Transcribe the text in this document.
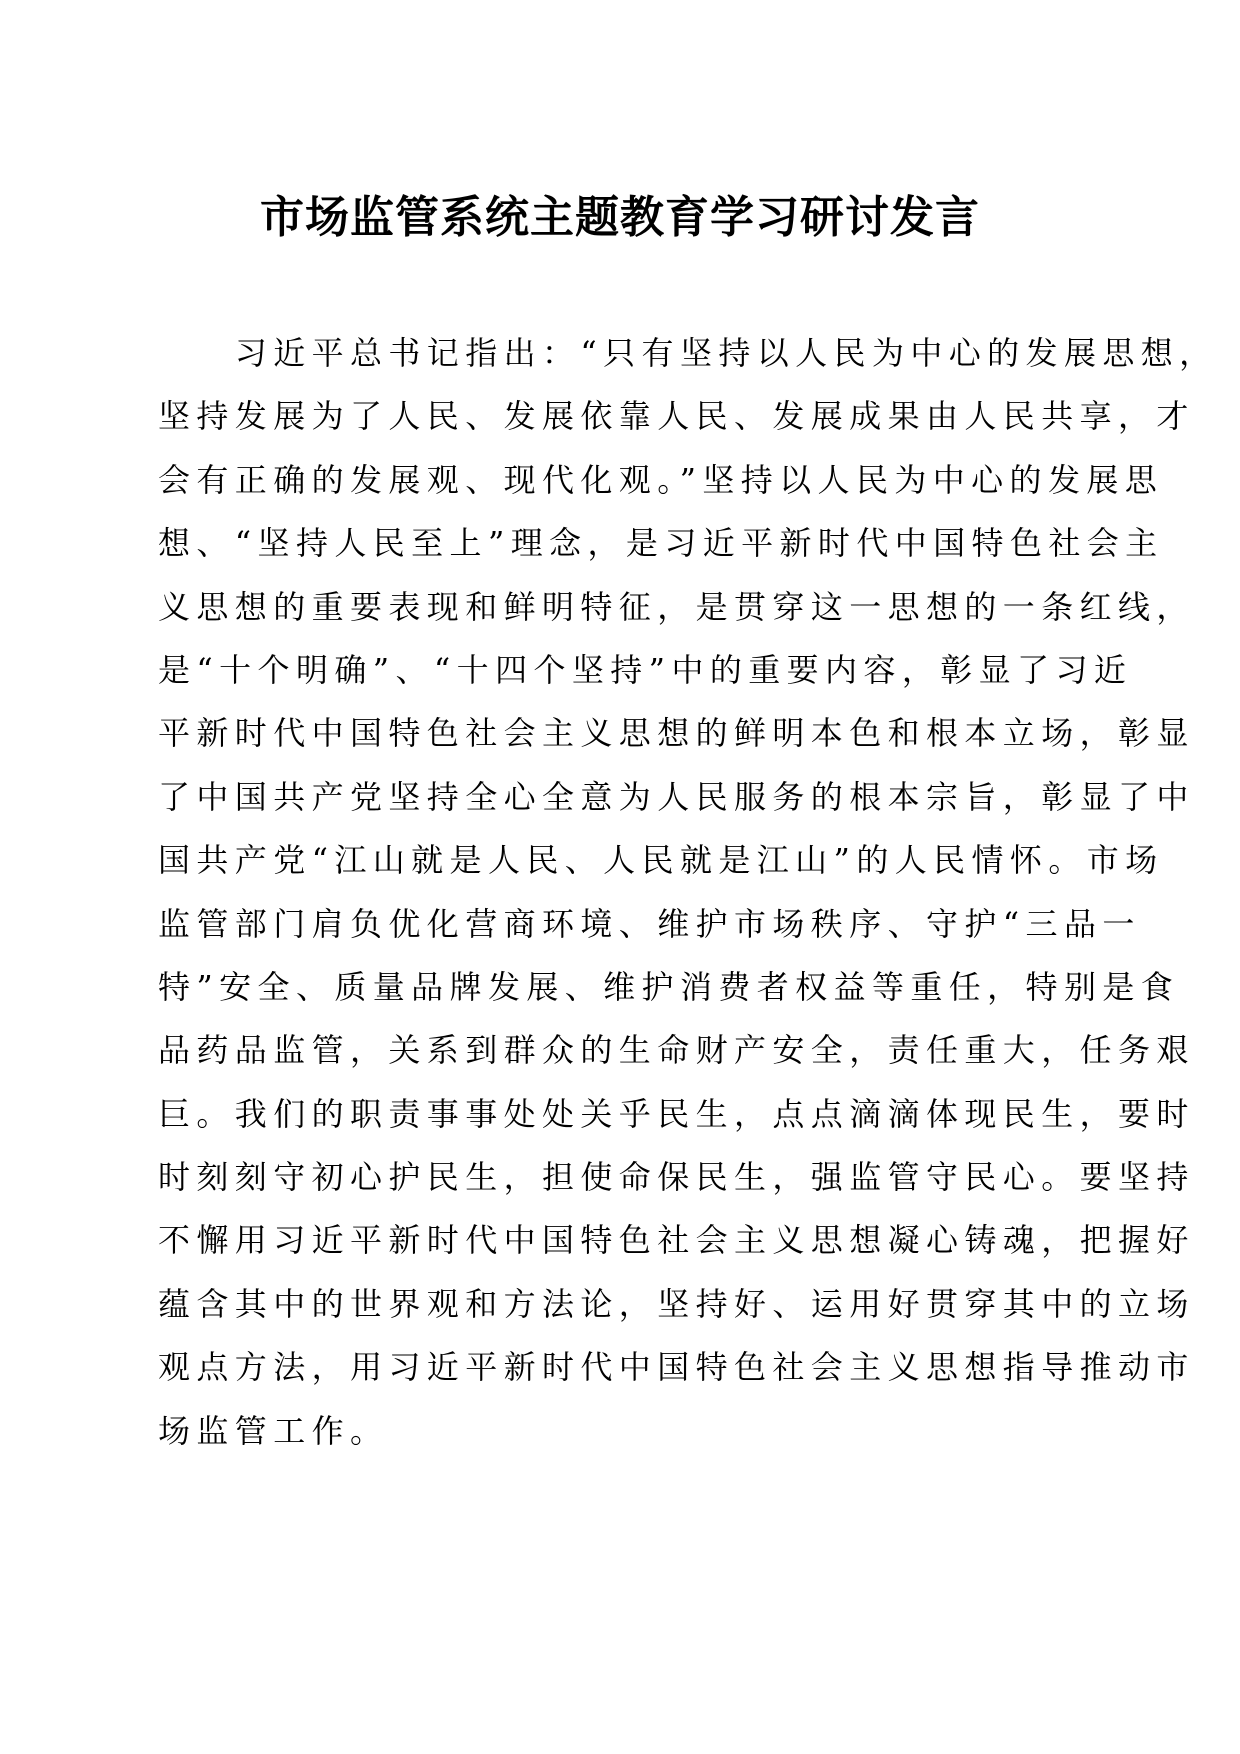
市场监管系统主题教育学习研讨发言
　　习近平总书记指出：“只有坚持以人民为中心的发展思想，
坚持发展为了人民、发展依靠人民、发展成果由人民共享，才
会有正确的发展观、现代化观。”坚持以人民为中心的发展思
想、“坚持人民至上”理念，是习近平新时代中国特色社会主
义思想的重要表现和鲜明特征，是贯穿这一思想的一条红线，
是“十个明确”、“十四个坚持”中的重要内容，彰显了习近
平新时代中国特色社会主义思想的鲜明本色和根本立场，彰显
了中国共产党坚持全心全意为人民服务的根本宗旨，彰显了中
国共产党“江山就是人民、人民就是江山”的人民情怀。市场
监管部门肩负优化营商环境、维护市场秩序、守护“三品一
特”安全、质量品牌发展、维护消费者权益等重任，特别是食
品药品监管，关系到群众的生命财产安全，责任重大，任务艰
巨。我们的职责事事处处关乎民生，点点滴滴体现民生，要时
时刻刻守初心护民生，担使命保民生，强监管守民心。要坚持
不懈用习近平新时代中国特色社会主义思想凝心铸魂，把握好
蕴含其中的世界观和方法论，坚持好、运用好贯穿其中的立场
观点方法，用习近平新时代中国特色社会主义思想指导推动市
场监管工作。
